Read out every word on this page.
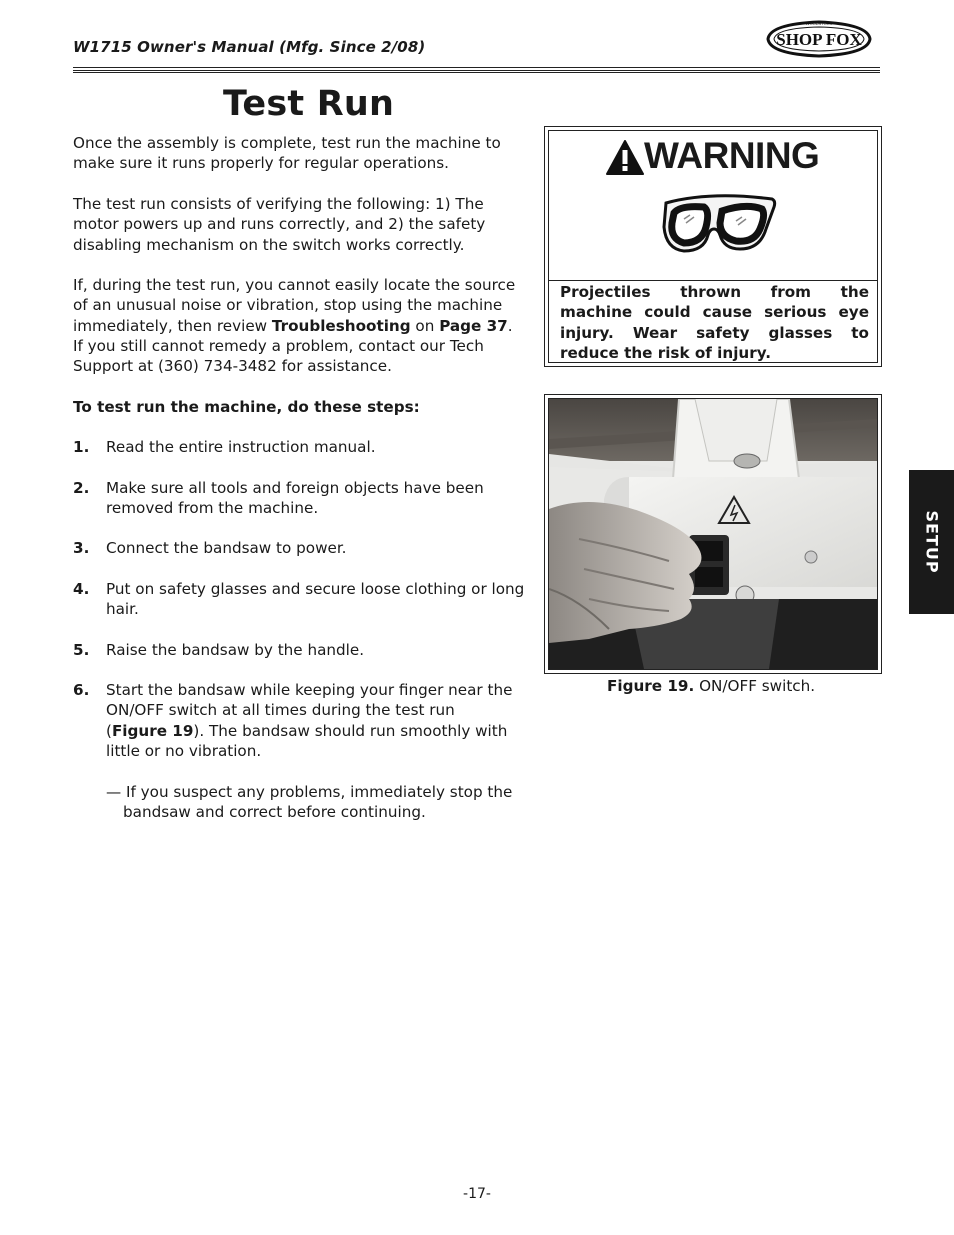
W1715 Owner's Manual (Mfg. Since 2/08)	SHOP FOX
WOODSTOCK
Test Run
Once the assembly is complete, test run the machine to make sure it runs properly for regular operations.
The test run consists of verifying the following: 1) The motor powers up and runs correctly, and 2) the safety disabling mechanism on the switch works correctly.
If, during the test run, you cannot easily locate the source of an unusual noise or vibration, stop using the machine immediately, then review Troubleshooting on Page 37.
If you still cannot remedy a problem, contact our Tech Support at (360) 734-3482 for assistance.
To test run the machine, do these steps:
1. Read the entire instruction manual.
2. Make sure all tools and foreign objects have been removed from the machine.
3. Connect the bandsaw to power.
4. Put on safety glasses and secure loose clothing or long hair.
5. Raise the bandsaw by the handle.
6. Start the bandsaw while keeping your finger near the ON/OFF switch at all times during the test run (Figure 19). The bandsaw should run smoothly with little or no vibration.
— If you suspect any problems, immediately stop the bandsaw and correct before continuing.
WARNING
Projectiles thrown from the machine could cause serious eye injury. Wear safety glasses to reduce the risk of injury.
Figure 19. ON/OFF switch.
SETUP
-17-
